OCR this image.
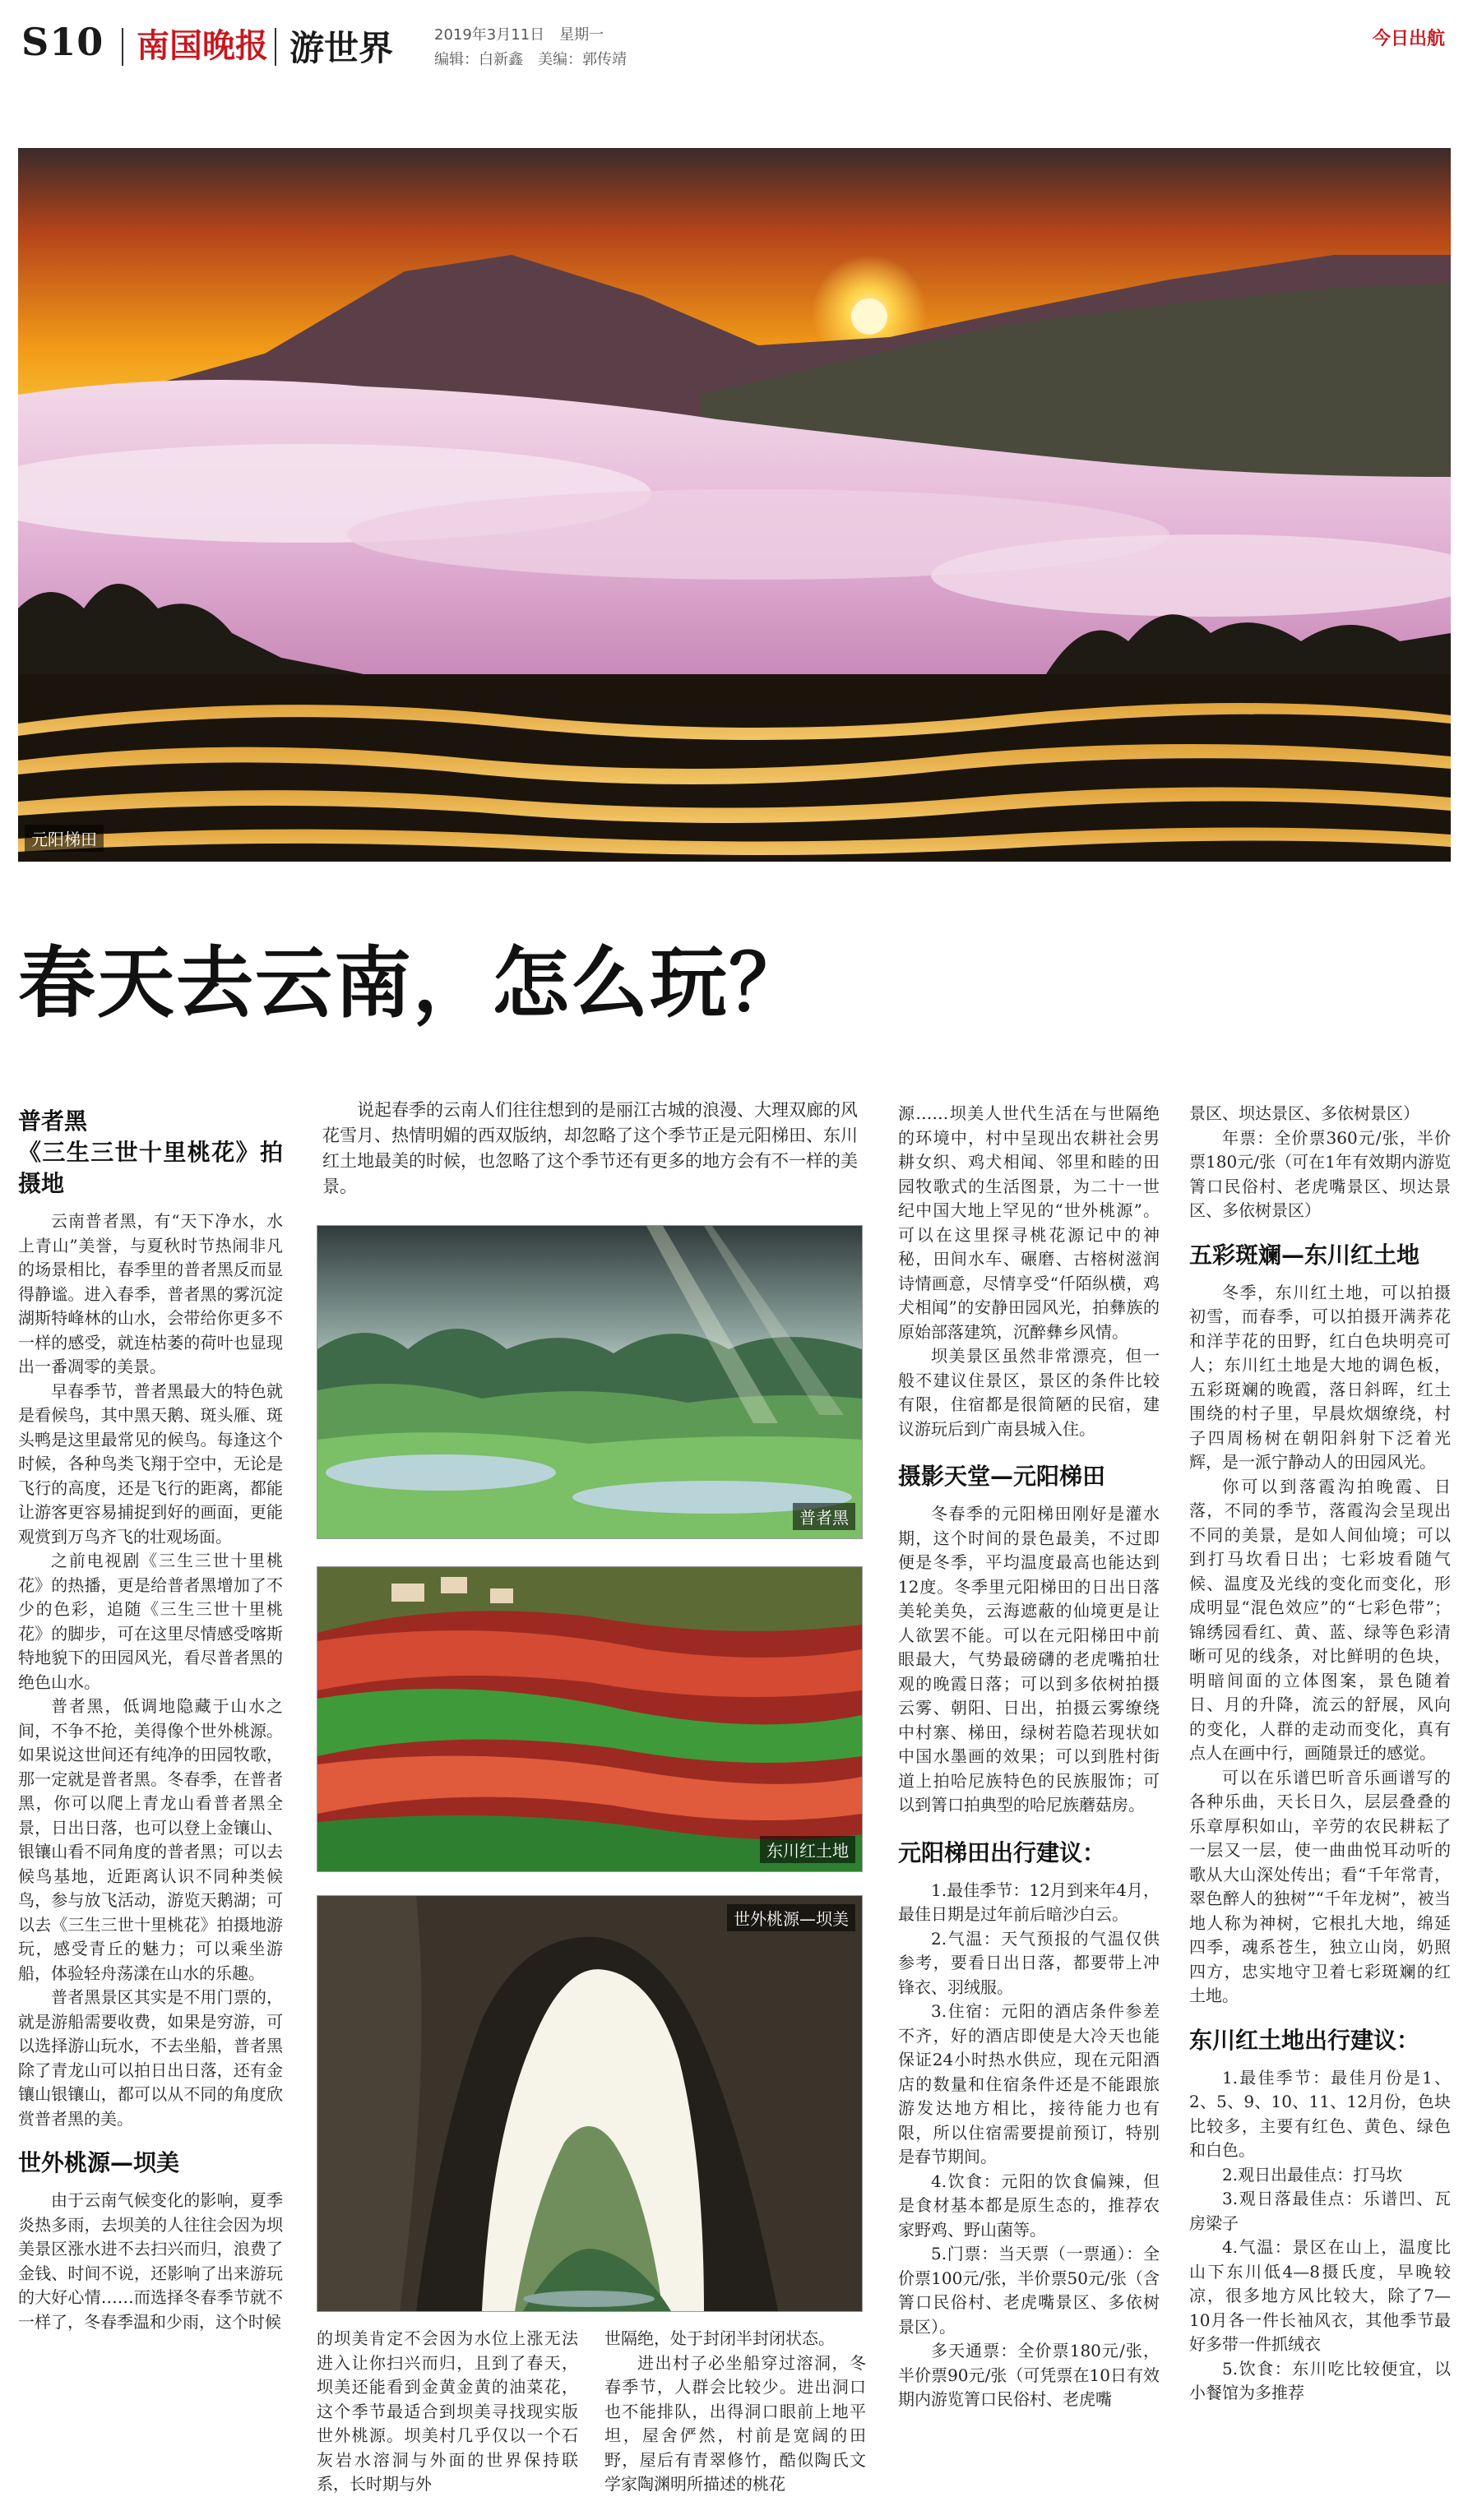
S10 南国晚报 游世界	2019年3月11日　星期一
编辑：白新鑫　美编：郭传靖
今日出航
元阳梯田
春天去云南，怎么玩？
普者黑
《三生三世十里桃花》拍摄地

云南普者黑，有“天下净水，水上青山”美誉，与夏秋时节热闹非凡的场景相比，春季里的普者黑反而显得静谧。进入春季，普者黑的雾沉淀湖斯特峰林的山水，会带给你更多不一样的感受，就连枯萎的荷叶也显现出一番凋零的美景。

早春季节，普者黑最大的特色就是看候鸟，其中黑天鹅、斑头雁、斑头鸭是这里最常见的候鸟。每逢这个时候，各种鸟类飞翔于空中，无论是飞行的高度，还是飞行的距离，都能让游客更容易捕捉到好的画面，更能观赏到万鸟齐飞的壮观场面。

之前电视剧《三生三世十里桃花》的热播，更是给普者黑增加了不少的色彩，追随《三生三世十里桃花》的脚步，可在这里尽情感受喀斯特地貌下的田园风光，看尽普者黑的绝色山水。

普者黑，低调地隐藏于山水之间，不争不抢，美得像个世外桃源。如果说这世间还有纯净的田园牧歌，那一定就是普者黑。冬春季，在普者黑，你可以爬上青龙山看普者黑全景，日出日落，也可以登上金镶山、银镶山看不同角度的普者黑；可以去候鸟基地，近距离认识不同种类候鸟，参与放飞活动，游览天鹅湖；可以去《三生三世十里桃花》拍摄地游玩，感受青丘的魅力；可以乘坐游船，体验轻舟荡漾在山水的乐趣。

普者黑景区其实是不用门票的，就是游船需要收费，如果是穷游，可以选择游山玩水，不去坐船，普者黑除了青龙山可以拍日出日落，还有金镶山银镶山，都可以从不同的角度欣赏普者黑的美。

世外桃源—坝美

由于云南气候变化的影响，夏季炎热多雨，去坝美的人往往会因为坝美景区涨水进不去扫兴而归，浪费了金钱、时间不说，还影响了出来游玩的大好心情……而选择冬春季节就不一样了，冬春季温和少雨，这个时候

说起春季的云南人们往往想到的是丽江古城的浪漫、大理双廊的风花雪月、热情明媚的西双版纳，却忽略了这个季节正是元阳梯田、东川红土地最美的时候，也忽略了这个季节还有更多的地方会有不一样的美景。
普者黑
东川红土地
世外桃源—坝美

的坝美肯定不会因为水位上涨无法进入让你扫兴而归，且到了春天，坝美还能看到金黄金黄的油菜花，这个季节最适合到坝美寻找现实版世外桃源。坝美村几乎仅以一个石灰岩水溶洞与外面的世界保持联系，长时期与外

世隔绝，处于封闭半封闭状态。

进出村子必坐船穿过溶洞，冬春季节，人群会比较少。进出洞口也不能排队，出得洞口眼前上地平坦，屋舍俨然，村前是宽阔的田野，屋后有青翠修竹，酷似陶氏文学家陶渊明所描述的桃花

源……坝美人世代生活在与世隔绝的环境中，村中呈现出农耕社会男耕女织、鸡犬相闻、邻里和睦的田园牧歌式的生活图景，为二十一世纪中国大地上罕见的“世外桃源”。可以在这里探寻桃花源记中的神秘，田间水车、碾磨、古榕树滋润诗情画意，尽情享受“仟陌纵横，鸡犬相闻”的安静田园风光，拍彝族的原始部落建筑，沉醉彝乡风情。

坝美景区虽然非常漂亮，但一般不建议住景区，景区的条件比较有限，住宿都是很简陋的民宿，建议游玩后到广南县城入住。

摄影天堂—元阳梯田

冬春季的元阳梯田刚好是灌水期，这个时间的景色最美，不过即便是冬季，平均温度最高也能达到12度。冬季里元阳梯田的日出日落美轮美奂，云海遮蔽的仙境更是让人欲罢不能。可以在元阳梯田中前眼最大，气势最磅礴的老虎嘴拍壮观的晚霞日落；可以到多依树拍摄云雾、朝阳、日出，拍摄云雾缭绕中村寨、梯田，绿树若隐若现状如中国水墨画的效果；可以到胜村街道上拍哈尼族特色的民族服饰；可以到箐口拍典型的哈尼族蘑菇房。

元阳梯田出行建议：

1.最佳季节：12月到来年4月，最佳日期是过年前后暗沙白云。

2.气温：天气预报的气温仅供参考，要看日出日落，都要带上冲锋衣、羽绒服。

3.住宿：元阳的酒店条件参差不齐，好的酒店即使是大冷天也能保证24小时热水供应，现在元阳酒店的数量和住宿条件还是不能跟旅游发达地方相比，接待能力也有限，所以住宿需要提前预订，特别是春节期间。

4.饮食：元阳的饮食偏辣，但是食材基本都是原生态的，推荐农家野鸡、野山菌等。

5.门票：当天票（一票通）：全价票100元/张，半价票50元/张（含箐口民俗村、老虎嘴景区、多依树景区）。

多天通票：全价票180元/张，半价票90元/张（可凭票在10日有效期内游览箐口民俗村、老虎嘴

景区、坝达景区、多依树景区）

年票：全价票360元/张，半价票180元/张（可在1年有效期内游览箐口民俗村、老虎嘴景区、坝达景区、多依树景区）

五彩斑斓—东川红土地

冬季，东川红土地，可以拍摄初雪，而春季，可以拍摄开满荞花和洋芋花的田野，红白色块明亮可人；东川红土地是大地的调色板，五彩斑斓的晚霞，落日斜晖，红土围绕的村子里，早晨炊烟缭绕，村子四周杨树在朝阳斜射下泛着光辉，是一派宁静动人的田园风光。

你可以到落霞沟拍晚霞、日落，不同的季节，落霞沟会呈现出不同的美景，是如人间仙境；可以到打马坎看日出；七彩坡看随气候、温度及光线的变化而变化，形成明显“混色效应”的“七彩色带”；锦绣园看红、黄、蓝、绿等色彩清晰可见的线条，对比鲜明的色块，明暗间面的立体图案，景色随着日、月的升降，流云的舒展，风向的变化，人群的走动而变化，真有点人在画中行，画随景迁的感觉。

可以在乐谱巴昕音乐画谱写的各种乐曲，天长日久，层层叠叠的乐章厚积如山，辛劳的农民耕耘了一层又一层，使一曲曲悦耳动听的歌从大山深处传出；看“千年常青，翠色醉人的独树”“千年龙树”，被当地人称为神树，它根扎大地，绵延四季，魂系苍生，独立山岗，奶照四方，忠实地守卫着七彩斑斓的红土地。

东川红土地出行建议：

1.最佳季节：最佳月份是1、2、5、9、10、11、12月份，色块比较多，主要有红色、黄色、绿色和白色。

2.观日出最佳点：打马坎

3.观日落最佳点：乐谱凹、瓦房梁子

4.气温：景区在山上，温度比山下东川低4—8摄氏度，早晚较凉，很多地方风比较大，除了7—10月各一件长袖风衣，其他季节最好多带一件抓绒衣

5.饮食：东川吃比较便宜，以小餐馆为多推荐
